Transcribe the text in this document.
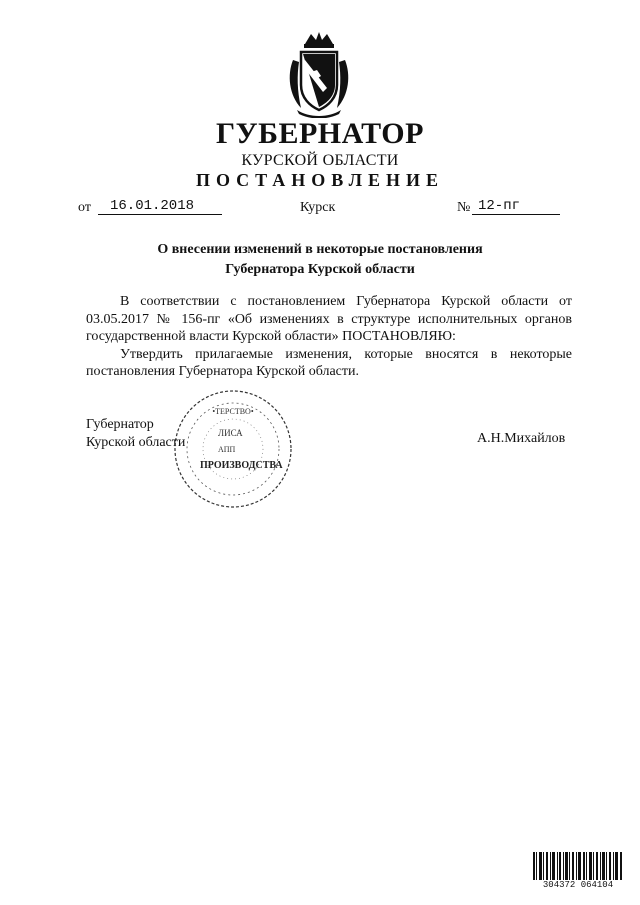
ГУБЕРНАТОР
КУРСКОЙ ОБЛАСТИ
ПОСТАНОВЛЕНИЕ
от	16.01.2018	Курск	№ 12-пг
О внесении изменений в некоторые постановления
Губернатора Курской области

В соответствии с постановлением Губернатора Курской области от 03.05.2017 № 156-пг «Об изменениях в структуре исполнительных органов государственной власти Курской области» ПОСТАНОВЛЯЮ:

Утвердить прилагаемые изменения, которые вносятся в некоторые постановления Губернатора Курской области.

•ТЕРСТВО•
ЛИСА
АПП
ПРОИЗВОДСТВА
Губернатор
Курской области	А.Н.Михайлов
304372 064104
